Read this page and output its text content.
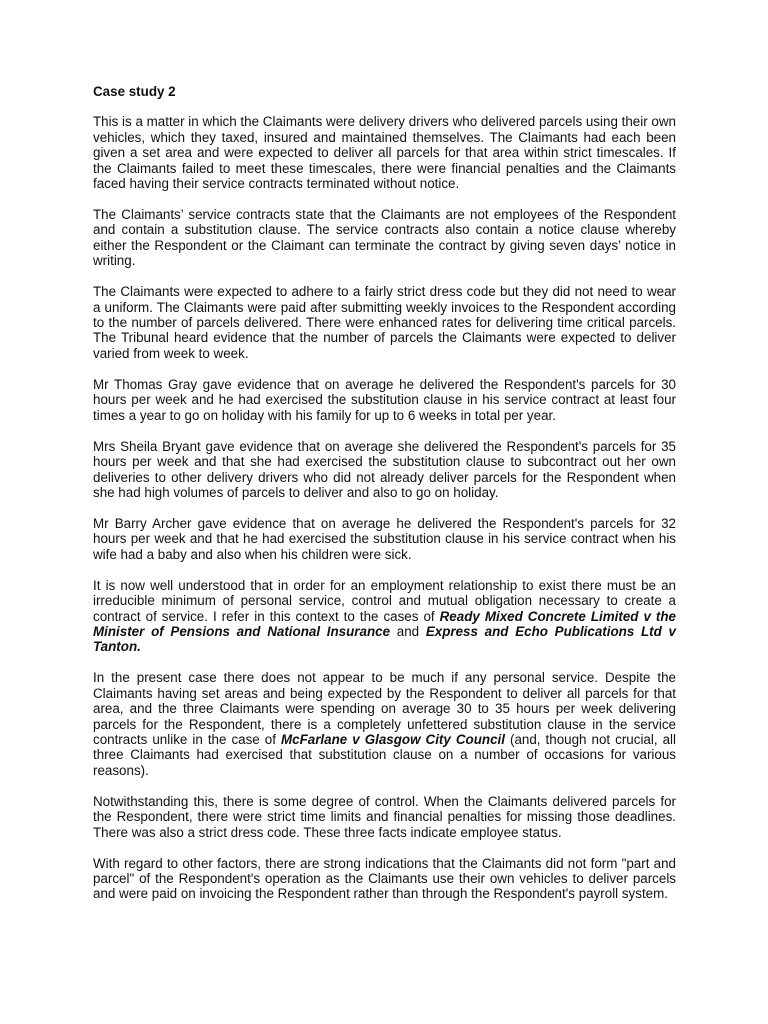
Case study 2

This is a matter in which the Claimants were delivery drivers who delivered parcels using their own vehicles, which they taxed, insured and maintained themselves. The Claimants had each been given a set area and were expected to deliver all parcels for that area within strict timescales. If the Claimants failed to meet these timescales, there were financial penalties and the Claimants faced having their service contracts terminated without notice.

The Claimants’ service contracts state that the Claimants are not employees of the Respondent and contain a substitution clause. The service contracts also contain a notice clause whereby either the Respondent or the Claimant can terminate the contract by giving seven days’ notice in writing.

The Claimants were expected to adhere to a fairly strict dress code but they did not need to wear a uniform. The Claimants were paid after submitting weekly invoices to the Respondent according to the number of parcels delivered. There were enhanced rates for delivering time critical parcels. The Tribunal heard evidence that the number of parcels the Claimants were expected to deliver varied from week to week.

Mr Thomas Gray gave evidence that on average he delivered the Respondent's parcels for 30 hours per week and he had exercised the substitution clause in his service contract at least four times a year to go on holiday with his family for up to 6 weeks in total per year.

Mrs Sheila Bryant gave evidence that on average she delivered the Respondent's parcels for 35 hours per week and that she had exercised the substitution clause to subcontract out her own deliveries to other delivery drivers who did not already deliver parcels for the Respondent when she had high volumes of parcels to deliver and also to go on holiday.

Mr Barry Archer gave evidence that on average he delivered the Respondent's parcels for 32 hours per week and that he had exercised the substitution clause in his service contract when his wife had a baby and also when his children were sick.

It is now well understood that in order for an employment relationship to exist there must be an irreducible minimum of personal service, control and mutual obligation necessary to create a contract of service. I refer in this context to the cases of Ready Mixed Concrete Limited v the Minister of Pensions and National Insurance and Express and Echo Publications Ltd v Tanton.

In the present case there does not appear to be much if any personal service. Despite the Claimants having set areas and being expected by the Respondent to deliver all parcels for that area, and the three Claimants were spending on average 30 to 35 hours per week delivering parcels for the Respondent, there is a completely unfettered substitution clause in the service contracts unlike in the case of McFarlane v Glasgow City Council (and, though not crucial, all three Claimants had exercised that substitution clause on a number of occasions for various reasons).

Notwithstanding this, there is some degree of control. When the Claimants delivered parcels for the Respondent, there were strict time limits and financial penalties for missing those deadlines. There was also a strict dress code. These three facts indicate employee status.

With regard to other factors, there are strong indications that the Claimants did not form "part and parcel" of the Respondent's operation as the Claimants use their own vehicles to deliver parcels and were paid on invoicing the Respondent rather than through the Respondent's payroll system.
